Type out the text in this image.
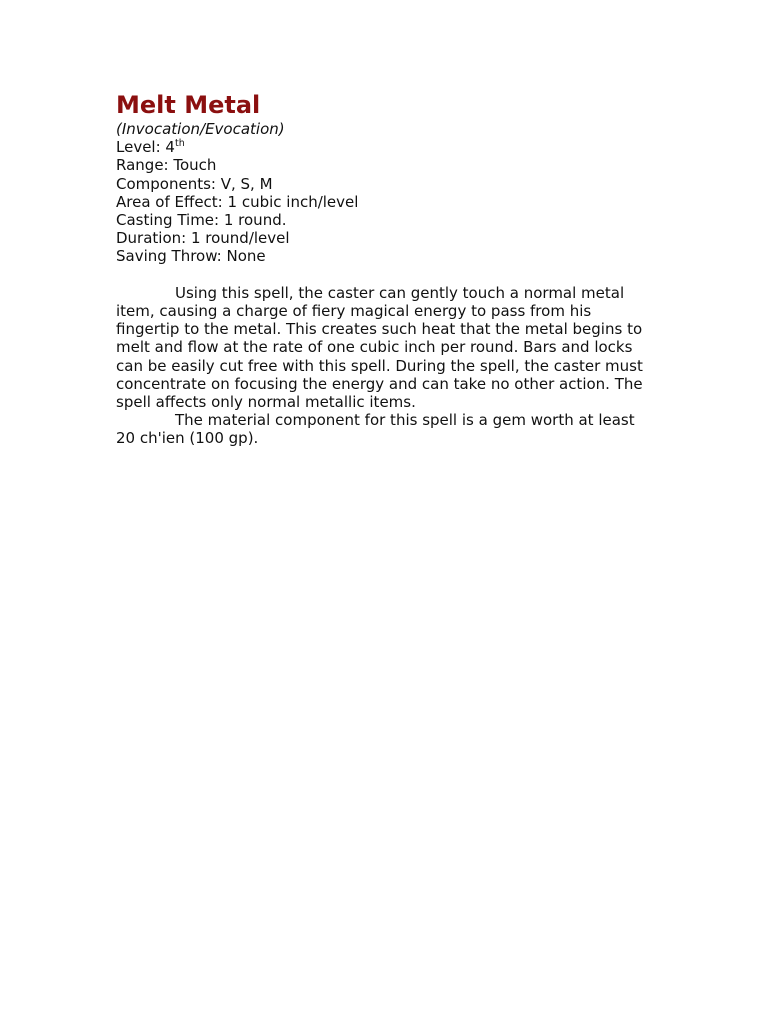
Melt Metal
(Invocation/Evocation)
Level: 4th
Range: Touch
Components: V, S, M
Area of Effect: 1 cubic inch/level
Casting Time: 1 round.
Duration: 1 round/level
Saving Throw: None

Using this spell, the caster can gently touch a normal metal item, causing a charge of fiery magical energy to pass from his fingertip to the metal. This creates such heat that the metal begins to melt and flow at the rate of one cubic inch per round. Bars and locks can be easily cut free with this spell. During the spell, the caster must concentrate on focusing the energy and can take no other action. The spell affects only normal metallic items.

The material component for this spell is a gem worth at least 20 ch'ien (100 gp).
